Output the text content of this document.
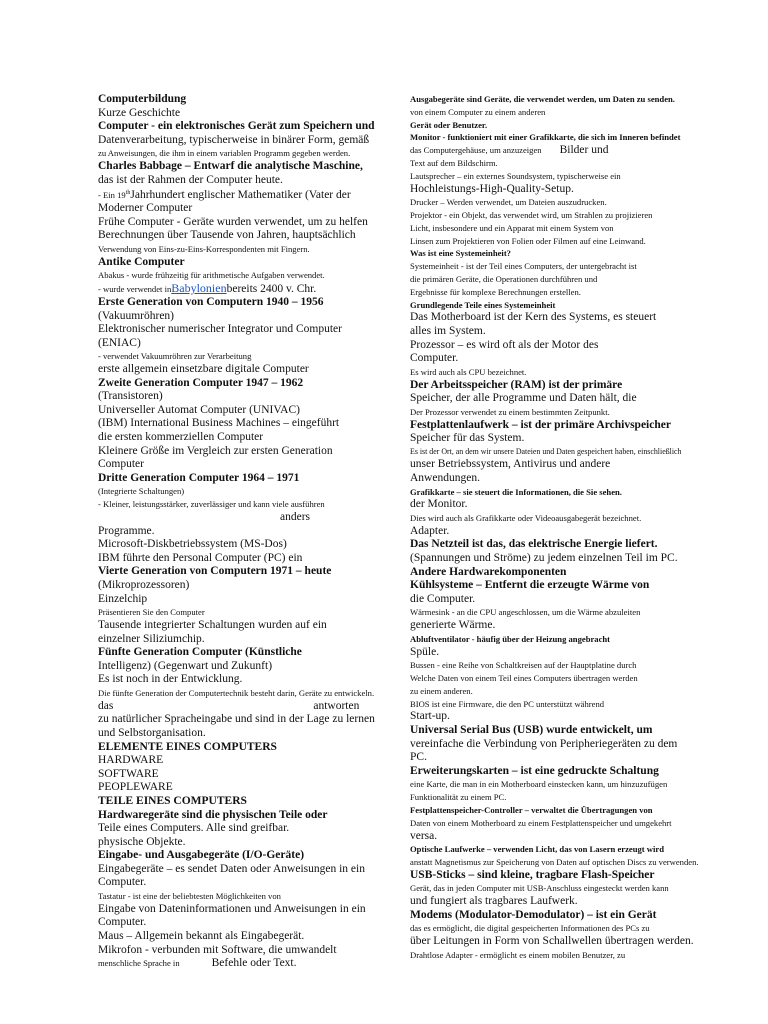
Computerbildung
Kurze Geschichte
Computer - ein elektronisches Gerät zum Speichern und
Datenverarbeitung, typischerweise in binärer Form, gemäß
zu Anweisungen, die ihm in einem variablen Programm gegeben werden.
Charles Babbage – Entwarf die analytische Maschine,
das ist der Rahmen der Computer heute.
- Ein 19thJahrhundert englischer Mathematiker (Vater der
Moderner Computer
Frühe Computer - Geräte wurden verwendet, um zu helfen
Berechnungen über Tausende von Jahren, hauptsächlich
Verwendung von Eins-zu-Eins-Korrespondenten mit Fingern.
Antike Computer
Abakus - wurde frühzeitig für arithmetische Aufgaben verwendet.
- wurde verwendet inBabylonienbereits 2400 v. Chr.
Erste Generation von Computern 1940 – 1956
(Vakuumröhren)
Elektronischer numerischer Integrator und Computer
(ENIAC)
- verwendet Vakuumröhren zur Verarbeitung
erste allgemein einsetzbare digitale Computer
Zweite Generation Computer 1947 – 1962
(Transistoren)
Universeller Automat Computer (UNIVAC)
(IBM) International Business Machines – eingeführt
die ersten kommerziellen Computer
Kleinere Größe im Vergleich zur ersten Generation
Computer
Dritte Generation Computer 1964 – 1971
(Integrierte Schaltungen)
- Kleiner, leistungsstärker, zuverlässiger und kann viele ausführen
anders
Programme.
Microsoft-Diskbetriebssystem (MS-Dos)
IBM führte den Personal Computer (PC) ein
Vierte Generation von Computern 1971 – heute
(Mikroprozessoren)
Einzelchip
Präsentieren Sie den Computer
Tausende integrierter Schaltungen wurden auf ein
einzelner Siliziumchip.
Fünfte Generation Computer (Künstliche
Intelligenz) (Gegenwart und Zukunft)
Es ist noch in der Entwicklung.
Die fünfte Generation der Computertechnik besteht darin, Geräte zu entwickeln.
das	antworten
zu natürlicher Spracheingabe und sind in der Lage zu lernen
und Selbstorganisation.
ELEMENTE EINES COMPUTERS
HARDWARE
SOFTWARE
PEOPLEWARE
TEILE EINES COMPUTERS
Hardwaregeräte sind die physischen Teile oder
Teile eines Computers. Alle sind greifbar.
physische Objekte.
Eingabe- und Ausgabegeräte (I/O-Geräte)
Eingabegeräte – es sendet Daten oder Anweisungen in ein
Computer.
Tastatur - ist eine der beliebtesten Möglichkeiten von
Eingabe von Dateninformationen und Anweisungen in ein
Computer.
Maus – Allgemein bekannt als Eingabegerät.
Mikrofon - verbunden mit Software, die umwandelt
menschliche Sprache in	Befehle oder Text.
Ausgabegeräte sind Geräte, die verwendet werden, um Daten zu senden.
von einem Computer zu einem anderen
Gerät oder Benutzer.
Monitor - funktioniert mit einer Grafikkarte, die sich im Inneren befindet
das Computergehäuse, um anzuzeigen Bilder und
Text auf dem Bildschirm.
Lautsprecher – ein externes Soundsystem, typischerweise ein
Hochleistungs-High-Quality-Setup.
Drucker – Werden verwendet, um Dateien auszudrucken.
Projektor - ein Objekt, das verwendet wird, um Strahlen zu projizieren
Licht, insbesondere und ein Apparat mit einem System von
Linsen zum Projektieren von Folien oder Filmen auf eine Leinwand.
Was ist eine Systemeinheit?
Systemeinheit - ist der Teil eines Computers, der untergebracht ist
die primären Geräte, die Operationen durchführen und
Ergebnisse für komplexe Berechnungen erstellen.
Grundlegende Teile eines Systemeinheit
Das Motherboard ist der Kern des Systems, es steuert
alles im System.
Prozessor – es wird oft als der Motor des
Computer.
Es wird auch als CPU bezeichnet.
Der Arbeitsspeicher (RAM) ist der primäre
Speicher, der alle Programme und Daten hält, die
Der Prozessor verwendet zu einem bestimmten Zeitpunkt.
Festplattenlaufwerk – ist der primäre Archivspeicher
Speicher für das System.
Es ist der Ort, an dem wir unsere Dateien und Daten gespeichert haben, einschließlich
unser Betriebssystem, Antivirus und andere
Anwendungen.
Grafikkarte – sie steuert die Informationen, die Sie sehen.
der Monitor.
Dies wird auch als Grafikkarte oder Videoausgabegerät bezeichnet.
Adapter.
Das Netzteil ist das, das elektrische Energie liefert.
(Spannungen und Ströme) zu jedem einzelnen Teil im PC.
Andere Hardwarekomponenten
Kühlsysteme – Entfernt die erzeugte Wärme von
die Computer.
Wärmesink - an die CPU angeschlossen, um die Wärme abzuleiten
generierte Wärme.
Abluftventilator - häufig über der Heizung angebracht
Spüle.
Bussen - eine Reihe von Schaltkreisen auf der Hauptplatine durch
Welche Daten von einem Teil eines Computers übertragen werden
zu einem anderen.
BIOS ist eine Firmware, die den PC unterstützt während
Start-up.
Universal Serial Bus (USB) wurde entwickelt, um
vereinfache die Verbindung von Peripheriegeräten zu dem
PC.
Erweiterungskarten – ist eine gedruckte Schaltung
eine Karte, die man in ein Motherboard einstecken kann, um hinzuzufügen
Funktionalität zu einem PC.
Festplattenspeicher-Controller – verwaltet die Übertragungen von
Daten von einem Motherboard zu einem Festplattenspeicher und umgekehrt
versa.
Optische Laufwerke – verwenden Licht, das von Lasern erzeugt wird
anstatt Magnetismus zur Speicherung von Daten auf optischen Discs zu verwenden.
USB-Sticks – sind kleine, tragbare Flash-Speicher
Gerät, das in jeden Computer mit USB-Anschluss eingesteckt werden kann
und fungiert als tragbares Laufwerk.
Modems (Modulator-Demodulator) – ist ein Gerät
das es ermöglicht, die digital gespeicherten Informationen des PCs zu
über Leitungen in Form von Schallwellen übertragen werden.
Drahtlose Adapter - ermöglicht es einem mobilen Benutzer, zu
